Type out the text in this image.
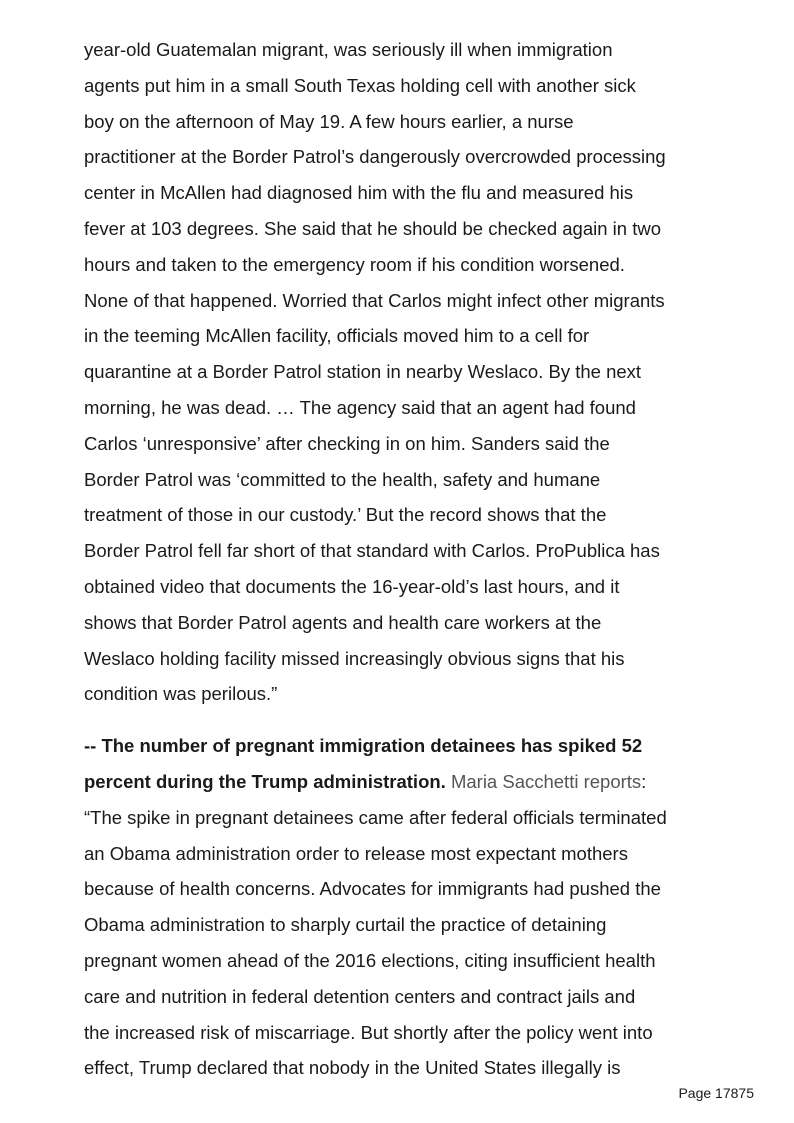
year-old Guatemalan migrant, was seriously ill when immigration
agents put him in a small South Texas holding cell with another sick
boy on the afternoon of May 19. A few hours earlier, a nurse
practitioner at the Border Patrol’s dangerously overcrowded processing
center in McAllen had diagnosed him with the flu and measured his
fever at 103 degrees. She said that he should be checked again in two
hours and taken to the emergency room if his condition worsened.
None of that happened. Worried that Carlos might infect other migrants
in the teeming McAllen facility, officials moved him to a cell for
quarantine at a Border Patrol station in nearby Weslaco. By the next
morning, he was dead. … The agency said that an agent had found
Carlos ‘unresponsive’ after checking in on him. Sanders said the
Border Patrol was ‘committed to the health, safety and humane
treatment of those in our custody.’ But the record shows that the
Border Patrol fell far short of that standard with Carlos. ProPublica has
obtained video that documents the 16-year-old’s last hours, and it
shows that Border Patrol agents and health care workers at the
Weslaco holding facility missed increasingly obvious signs that his
condition was perilous.”
-- The number of pregnant immigration detainees has spiked 52
percent during the Trump administration. Maria Sacchetti reports:
“The spike in pregnant detainees came after federal officials terminated
an Obama administration order to release most expectant mothers
because of health concerns. Advocates for immigrants had pushed the
Obama administration to sharply curtail the practice of detaining
pregnant women ahead of the 2016 elections, citing insufficient health
care and nutrition in federal detention centers and contract jails and
the increased risk of miscarriage. But shortly after the policy went into
effect, Trump declared that nobody in the United States illegally is
Page 17875
